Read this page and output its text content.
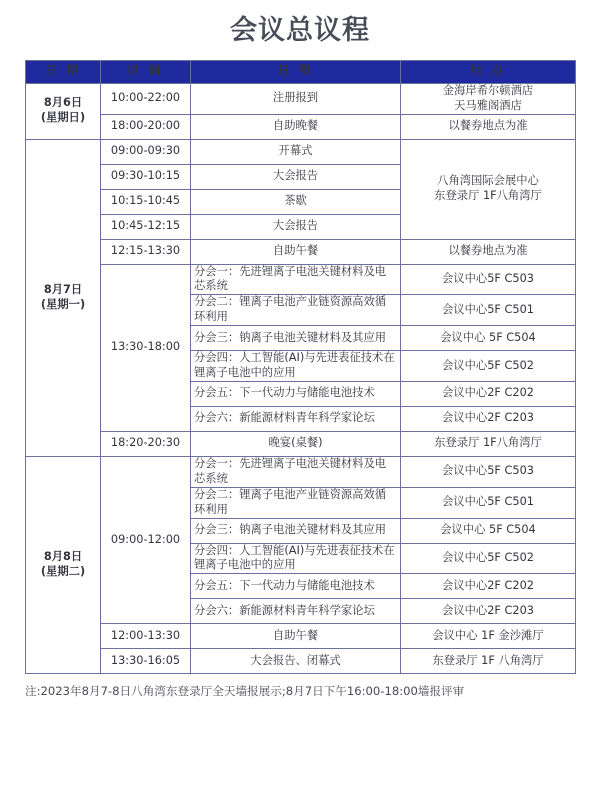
会议总议程
日 期	时 间	日 程	地 点
8月6日
(星期日)	10:00-22:00	注册报到	金海岸希尔顿酒店
天马雅阁酒店
	18:00-20:00	自助晚餐	以餐券地点为准
8月7日
(星期一)	09:00-09:30	开幕式	八角湾国际会展中心
东登录厅 1F八角湾厅
	09:30-10:15	大会报告	
	10:15-10:45	茶歇	
	10:45-12:15	大会报告	
	12:15-13:30	自助午餐	以餐券地点为准
	13:30-18:00	分会一：先进锂离子电池关键材料及电芯系统	会议中心5F C503
		分会二：锂离子电池产业链资源高效循环利用	会议中心5F C501
		分会三：钠离子电池关键材料及其应用	会议中心 5F C504
		分会四：人工智能(AI)与先进表征技术在锂离子电池中的应用	会议中心5F C502
		分会五：下一代动力与储能电池技术	会议中心2F C202
		分会六：新能源材料青年科学家论坛	会议中心2F C203
	18:20-20:30	晚宴(桌餐)	东登录厅 1F八角湾厅
8月8日
(星期二)	09:00-12:00	分会一：先进锂离子电池关键材料及电芯系统	会议中心5F C503
		分会二：锂离子电池产业链资源高效循环利用	会议中心5F C501
		分会三：钠离子电池关键材料及其应用	会议中心 5F C504
		分会四：人工智能(AI)与先进表征技术在锂离子电池中的应用	会议中心5F C502
		分会五：下一代动力与储能电池技术	会议中心2F C202
		分会六：新能源材料青年科学家论坛	会议中心2F C203
	12:00-13:30	自助午餐	会议中心 1F 金沙滩厅
	13:30-16:05	大会报告、闭幕式	东登录厅 1F 八角湾厅
注:2023年8月7-8日八角湾东登录厅全天墙报展示;8月7日下午16:00-18:00墙报评审
